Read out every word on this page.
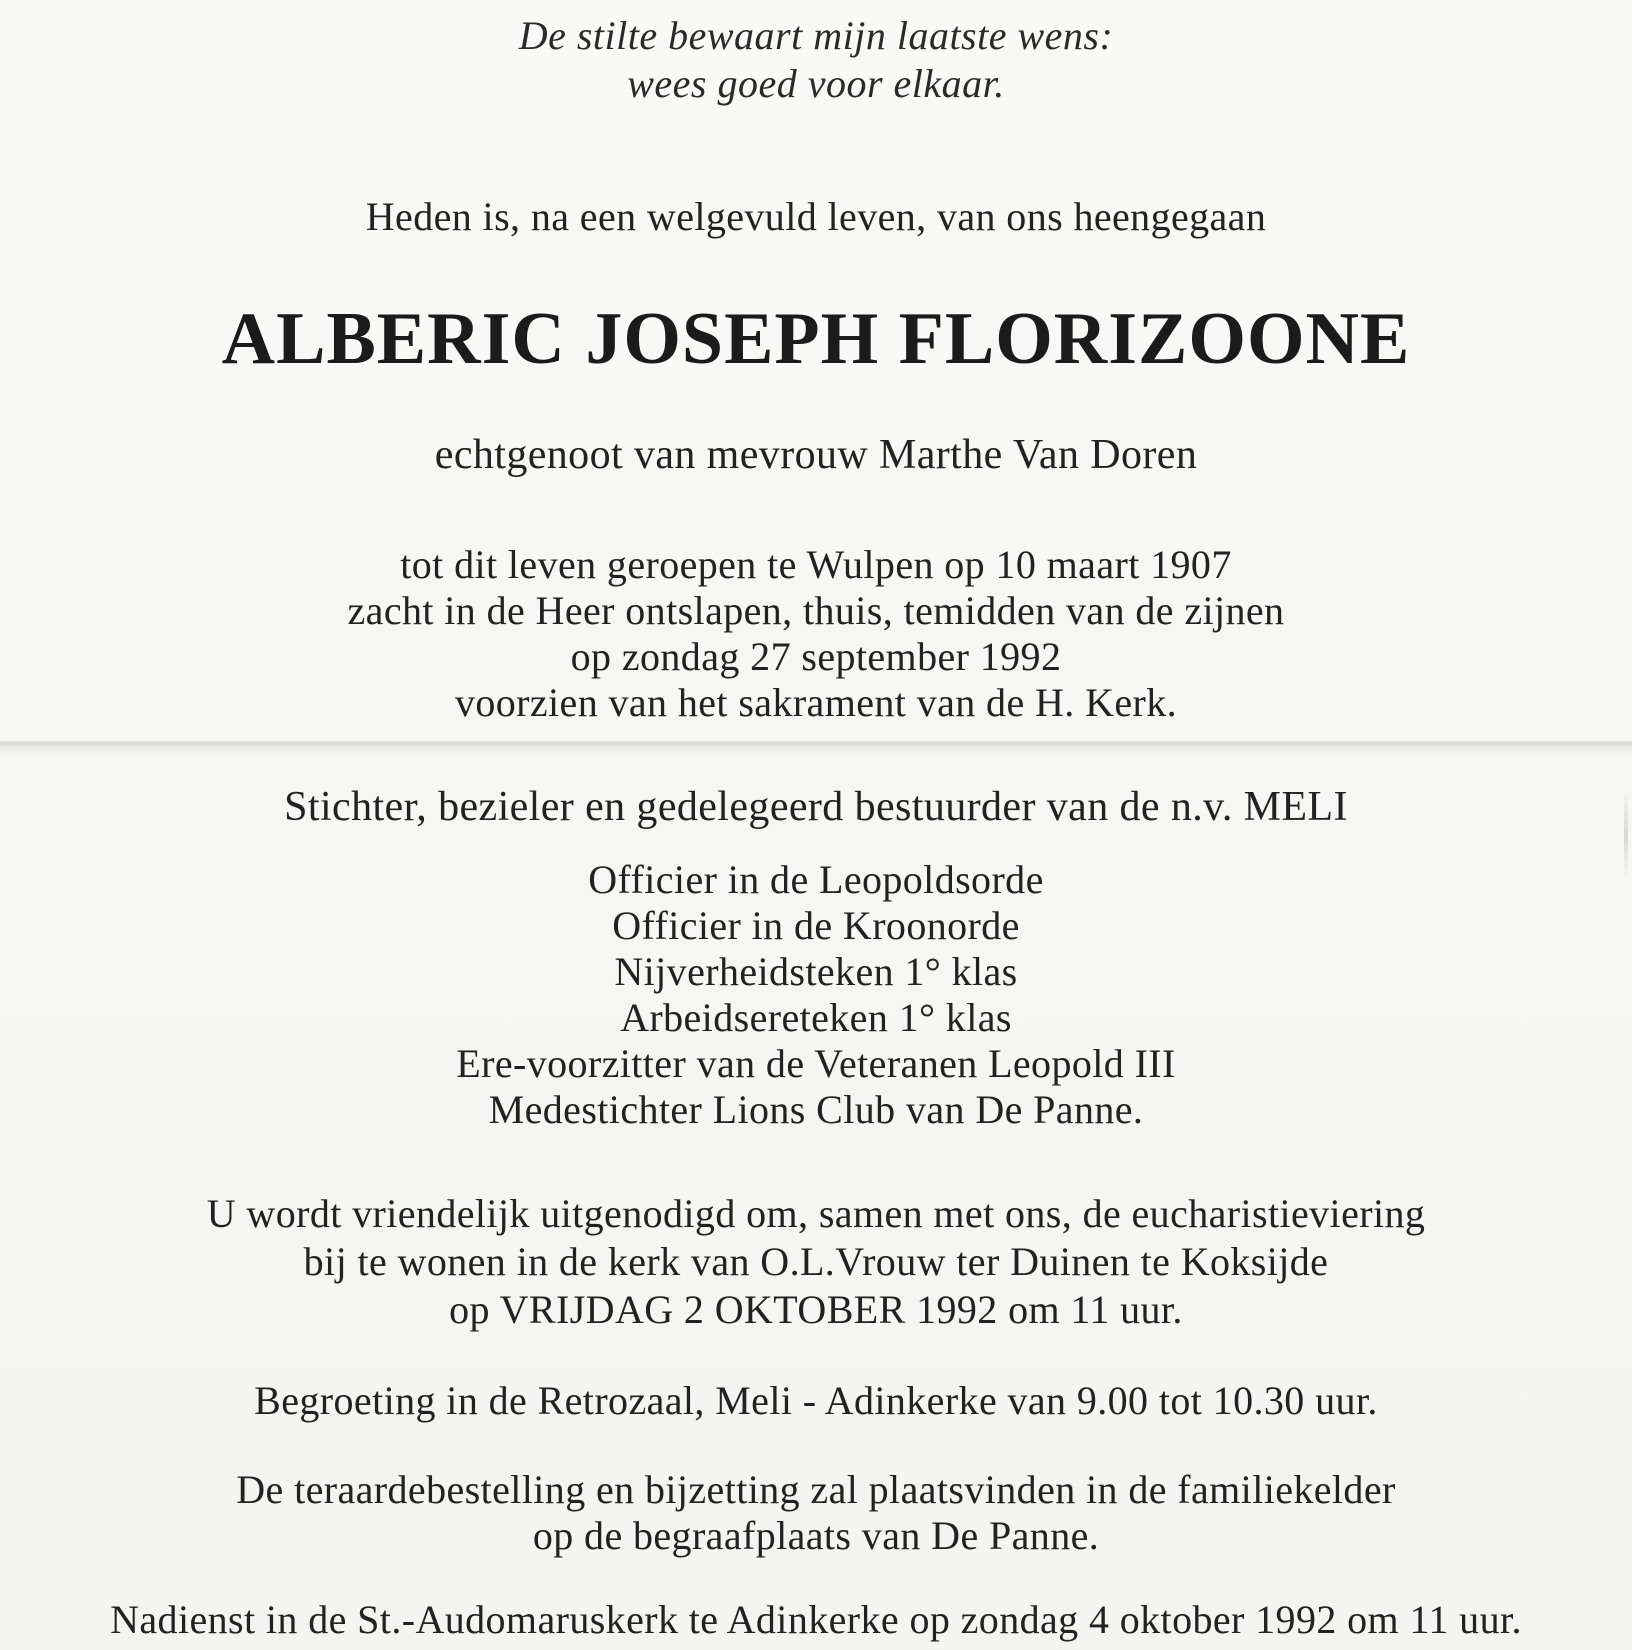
De stilte bewaart mijn laatste wens:
wees goed voor elkaar.
Heden is, na een welgevuld leven, van ons heengegaan
ALBERIC JOSEPH FLORIZOONE
echtgenoot van mevrouw Marthe Van Doren
tot dit leven geroepen te Wulpen op 10 maart 1907
zacht in de Heer ontslapen, thuis, temidden van de zijnen
op zondag 27 september 1992
voorzien van het sakrament van de H. Kerk.
Stichter, bezieler en gedelegeerd bestuurder van de n.v. MELI
Officier in de Leopoldsorde
Officier in de Kroonorde
Nijverheidsteken 1° klas
Arbeidsereteken 1° klas
Ere-voorzitter van de Veteranen Leopold III
Medestichter Lions Club van De Panne.
U wordt vriendelijk uitgenodigd om, samen met ons, de eucharistieviering
bij te wonen in de kerk van O.L.Vrouw ter Duinen te Koksijde
op VRIJDAG 2 OKTOBER 1992 om 11 uur.
Begroeting in de Retrozaal, Meli - Adinkerke van 9.00 tot 10.30 uur.
De teraardebestelling en bijzetting zal plaatsvinden in de familiekelder
op de begraafplaats van De Panne.
Nadienst in de St.-Audomaruskerk te Adinkerke op zondag 4 oktober 1992 om 11 uur.
